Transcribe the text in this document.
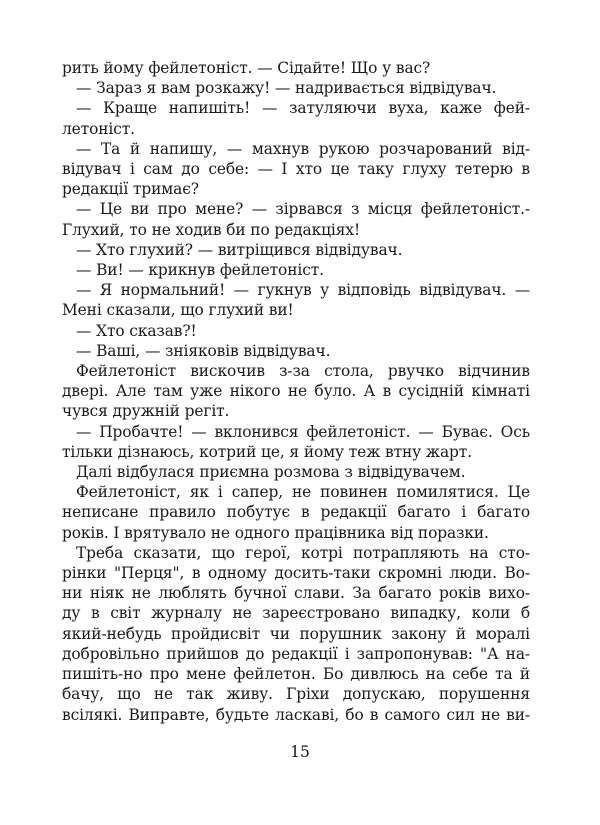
рить йому фейлетоніст. — Сідайте! Що у вас?
— Зараз я вам розкажу! — надривається відвідувач.
— Краще напишіть! — затуляючи вуха, каже фей-
летоніст.
— Та й напишу, — махнув рукою розчарований від-
відувач і сам до себе: — І хто це таку глуху тетерю в
редакції тримає?
— Це ви про мене? — зірвався з місця фейлетоніст.-
Глухий, то не ходив би по редакціях!
— Хто глухий? — витріщився відвідувач.
— Ви! — крикнув фейлетоніст.
— Я нормальний! — гукнув у відповідь відвідувач. —
Мені сказали, що глухий ви!
— Хто сказав?!
— Ваші, — зніяковів відвідувач.
Фейлетоніст вискочив з-за стола, рвучко відчинив
двері. Але там уже нікого не було. А в сусідній кімнаті
чувся дружній регіт.
— Пробачте! — вклонився фейлетоніст. — Буває. Ось
тільки дізнаюсь, котрий це, я йому теж втну жарт.
Далі відбулася приємна розмова з відвідувачем.
Фейлетоніст, як і сапер, не повинен помилятися. Це
неписане правило побутує в редакції багато і багато
років. І врятувало не одного працівника від поразки.
Треба сказати, що герої, котрі потрапляють на сто-
рінки "Перця", в одному досить-таки скромні люди. Во-
ни ніяк не люблять бучної слави. За багато років вихо-
ду в світ журналу не зареєстровано випадку, коли б
який-небудь пройдисвіт чи порушник закону й моралі
добровільно прийшов до редакції і запропонував: "А на-
пишіть-но про мене фейлетон. Бо дивлюсь на себе та й
бачу, що не так живу. Гріхи допускаю, порушення
всілякі. Виправте, будьте ласкаві, бо в самого сил не ви-
15
